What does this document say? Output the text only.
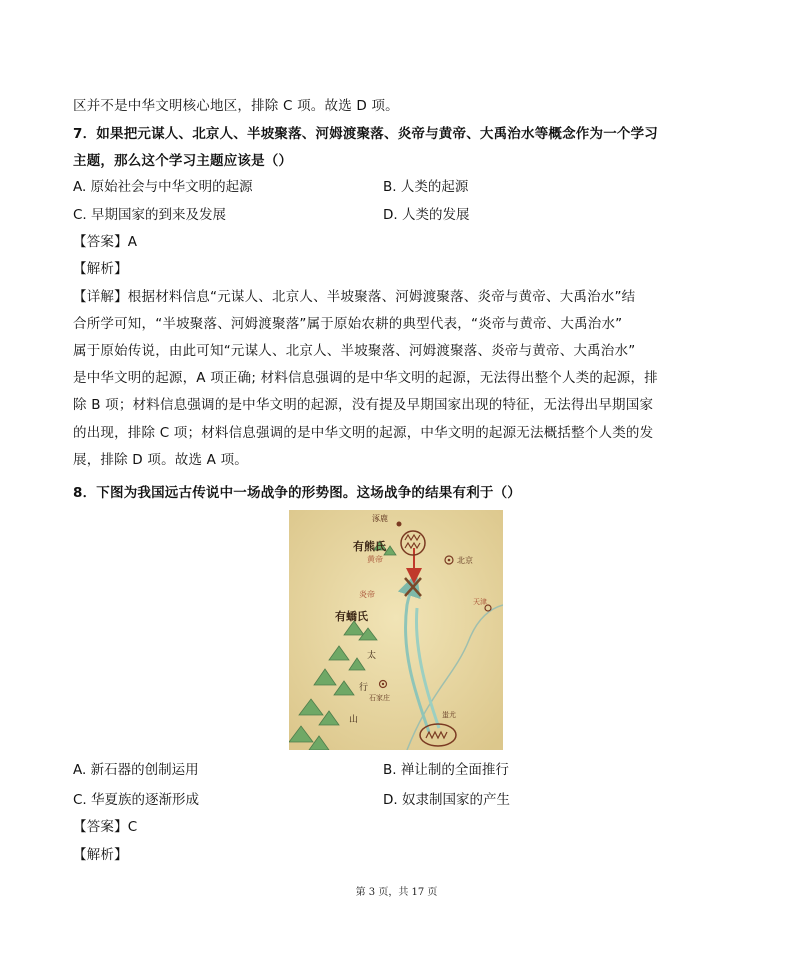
区并不是中华文明核心地区，排除 C 项。故选 D 项。
7．如果把元谋人、北京人、半坡聚落、河姆渡聚落、炎帝与黄帝、大禹治水等概念作为一个学习
主题，那么这个学习主题应该是（）
A. 原始社会与中华文明的起源	B. 人类的起源
C. 早期国家的到来及发展	D. 人类的发展
【答案】A
【解析】
【详解】根据材料信息“元谋人、北京人、半坡聚落、河姆渡聚落、炎帝与黄帝、大禹治水”结
合所学可知，“半坡聚落、河姆渡聚落”属于原始农耕的典型代表，“炎帝与黄帝、大禹治水”
属于原始传说，由此可知“元谋人、北京人、半坡聚落、河姆渡聚落、炎帝与黄帝、大禹治水”
是中华文明的起源，A 项正确; 材料信息强调的是中华文明的起源，无法得出整个人类的起源，排
除 B 项；材料信息强调的是中华文明的起源，没有提及早期国家出现的特征，无法得出早期国家
的出现，排除 C 项；材料信息强调的是中华文明的起源，中华文明的起源无法概括整个人类的发
展，排除 D 项。故选 A 项。
8．下图为我国远古传说中一场战争的形势图。这场战争的结果有利于（）
涿鹿
有熊氏
黄帝	北京
炎帝
天津
有蟜氏
太
行
山
石家庄
蚩尤
A. 新石器的创制运用	B. 禅让制的全面推行
C. 华夏族的逐渐形成	D. 奴隶制国家的产生
【答案】C
【解析】
第 3 页，共 17 页
